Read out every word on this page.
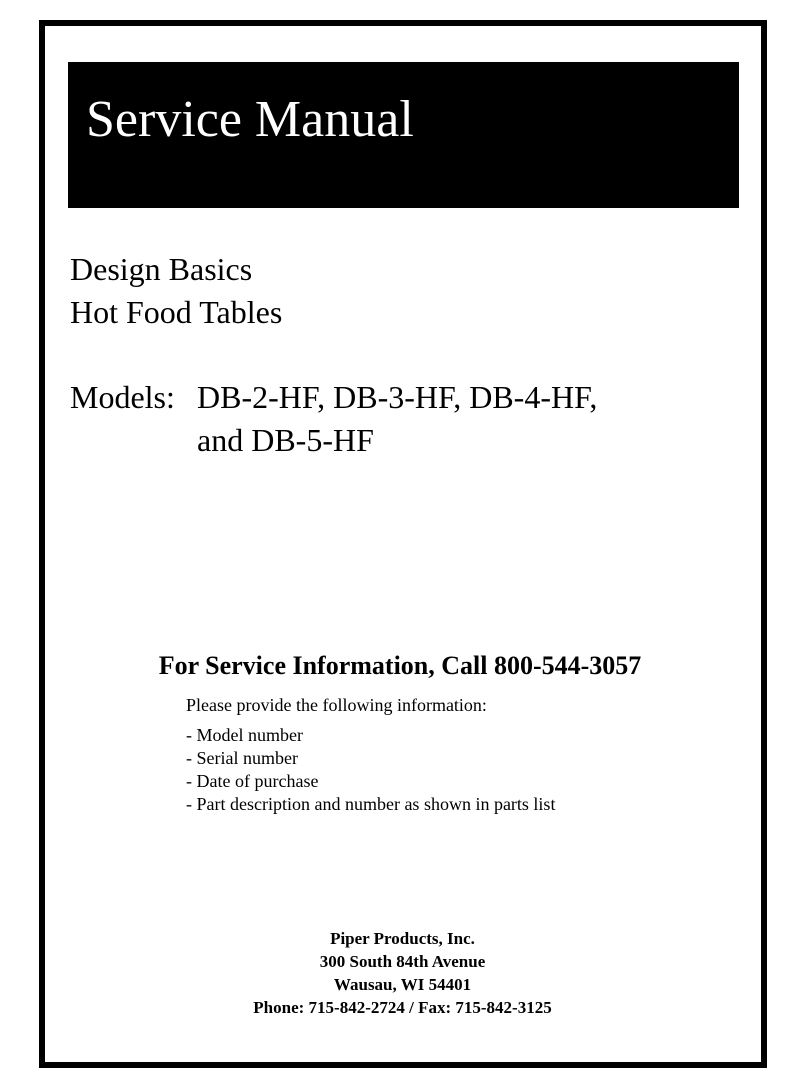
Service Manual
Design Basics
Hot Food Tables
Models: DB-2-HF, DB-3-HF, DB-4-HF,
and DB-5-HF
For Service Information, Call 800-544-3057
Please provide the following information:
- Model number
- Serial number
- Date of purchase
- Part description and number as shown in parts list
Piper Products, Inc.
300 South 84th Avenue
Wausau, WI 54401
Phone: 715-842-2724 / Fax: 715-842-3125
